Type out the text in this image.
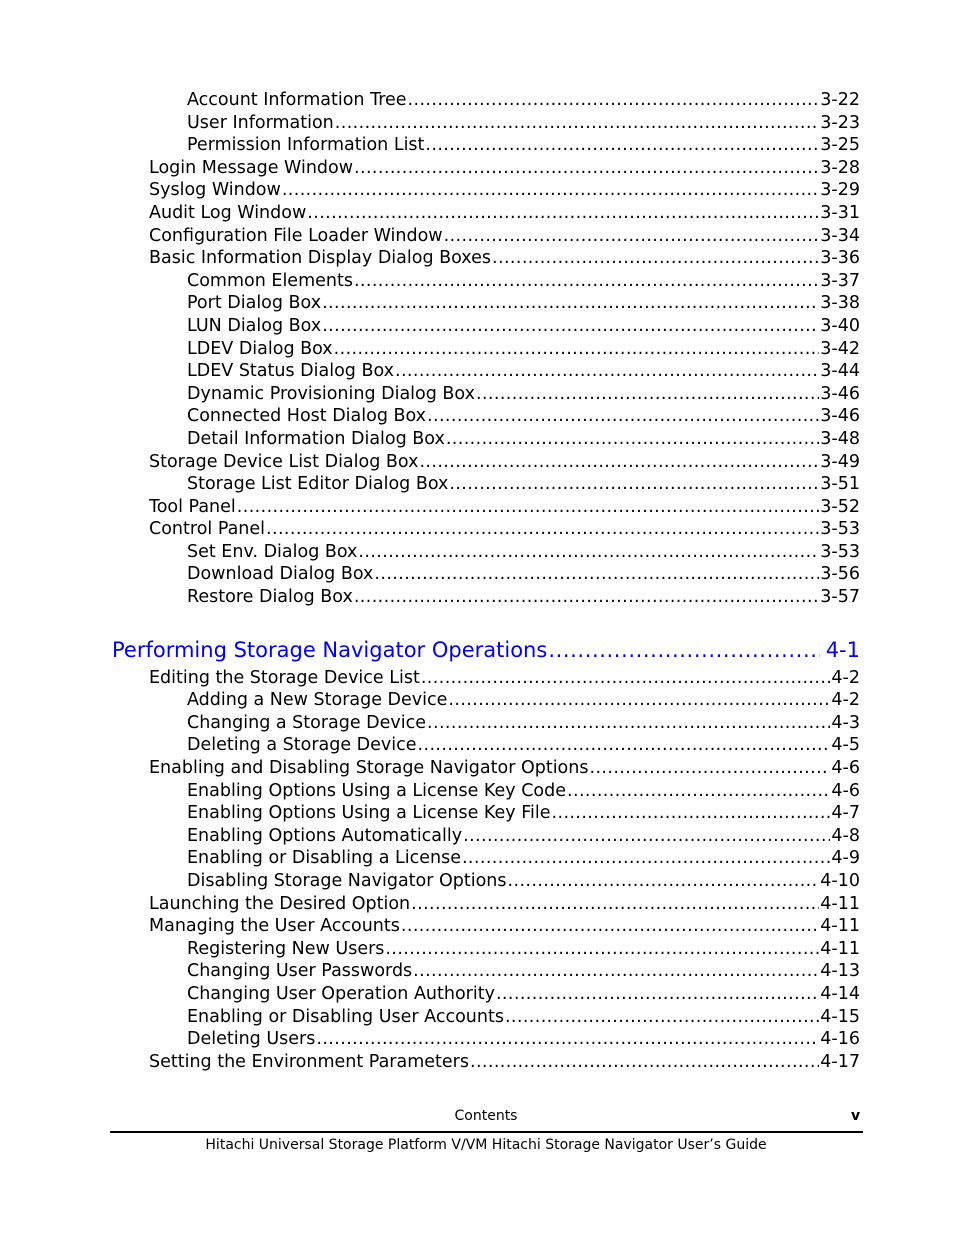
Account Information Tree .....	3-22
User Information .....	3-23
Permission Information List .....	3-25
Login Message Window .....	3-28
Syslog Window .....	3-29
Audit Log Window .....	3-31
Configuration File Loader Window .....	3-34
Basic Information Display Dialog Boxes .....	3-36
Common Elements .....	3-37
Port Dialog Box .....	3-38
LUN Dialog Box .....	3-40
LDEV Dialog Box .....	3-42
LDEV Status Dialog Box .....	3-44
Dynamic Provisioning Dialog Box .....	3-46
Connected Host Dialog Box .....	3-46
Detail Information Dialog Box .....	3-48
Storage Device List Dialog Box .....	3-49
Storage List Editor Dialog Box .....	3-51
Tool Panel .....	3-52
Control Panel .....	3-53
Set Env. Dialog Box .....	3-53
Download Dialog Box .....	3-56
Restore Dialog Box .....	3-57
Performing Storage Navigator Operations .....	4-1
Editing the Storage Device List .....	4-2
Adding a New Storage Device .....	4-2
Changing a Storage Device .....	4-3
Deleting a Storage Device .....	4-5
Enabling and Disabling Storage Navigator Options .....	4-6
Enabling Options Using a License Key Code .....	4-6
Enabling Options Using a License Key File .....	4-7
Enabling Options Automatically .....	4-8
Enabling or Disabling a License .....	4-9
Disabling Storage Navigator Options .....	4-10
Launching the Desired Option .....	4-11
Managing the User Accounts .....	4-11
Registering New Users .....	4-11
Changing User Passwords .....	4-13
Changing User Operation Authority .....	4-14
Enabling or Disabling User Accounts .....	4-15
Deleting Users .....	4-16
Setting the Environment Parameters .....	4-17
Contents	v
Hitachi Universal Storage Platform V/VM Hitachi Storage Navigator User’s Guide
